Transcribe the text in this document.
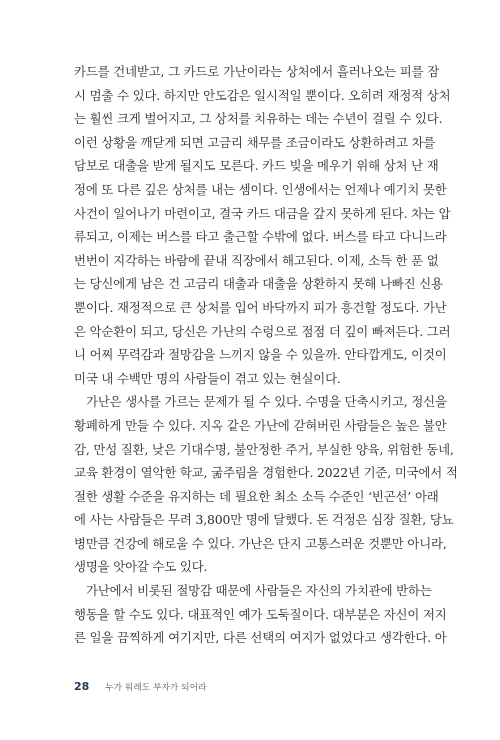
카드를 건네받고, 그 카드로 가난이라는 상처에서 흘러나오는 피를 잠
시 멈출 수 있다. 하지만 안도감은 일시적일 뿐이다. 오히려 재정적 상처
는 훨씬 크게 벌어지고, 그 상처를 치유하는 데는 수년이 걸릴 수 있다.
이런 상황을 깨닫게 되면 고금리 채무를 조금이라도 상환하려고 차를
담보로 대출을 받게 될지도 모른다. 카드 빚을 메우기 위해 상처 난 재
정에 또 다른 깊은 상처를 내는 셈이다. 인생에서는 언제나 예기치 못한
사건이 일어나기 마련이고, 결국 카드 대금을 갚지 못하게 된다. 차는 압
류되고, 이제는 버스를 타고 출근할 수밖에 없다. 버스를 타고 다니느라
번번이 지각하는 바람에 끝내 직장에서 해고된다. 이제, 소득 한 푼 없
는 당신에게 남은 건 고금리 대출과 대출을 상환하지 못해 나빠진 신용
뿐이다. 재정적으로 큰 상처를 입어 바닥까지 피가 흥건할 정도다. 가난
은 악순환이 되고, 당신은 가난의 수렁으로 점점 더 깊이 빠져든다. 그러
니 어찌 무력감과 절망감을 느끼지 않을 수 있을까. 안타깝게도, 이것이
미국 내 수백만 명의 사람들이 겪고 있는 현실이다.
가난은 생사를 가르는 문제가 될 수 있다. 수명을 단축시키고, 정신을
황폐하게 만들 수 있다. 지옥 같은 가난에 갇혀버린 사람들은 높은 불안
감, 만성 질환, 낮은 기대수명, 불안정한 주거, 부실한 양육, 위험한 동네,
교육 환경이 열악한 학교, 굶주림을 경험한다. 2022년 기준, 미국에서 적
절한 생활 수준을 유지하는 데 필요한 최소 소득 수준인 ‘빈곤선’ 아래
에 사는 사람들은 무려 3,800만 명에 달했다. 돈 걱정은 심장 질환, 당뇨
병만큼 건강에 해로울 수 있다. 가난은 단지 고통스러운 것뿐만 아니라,
생명을 앗아갈 수도 있다.
가난에서 비롯된 절망감 때문에 사람들은 자신의 가치관에 반하는
행동을 할 수도 있다. 대표적인 예가 도둑질이다. 대부분은 자신이 저지
른 일을 끔찍하게 여기지만, 다른 선택의 여지가 없었다고 생각한다. 아
28 누가 워레도 부자가 되어라
